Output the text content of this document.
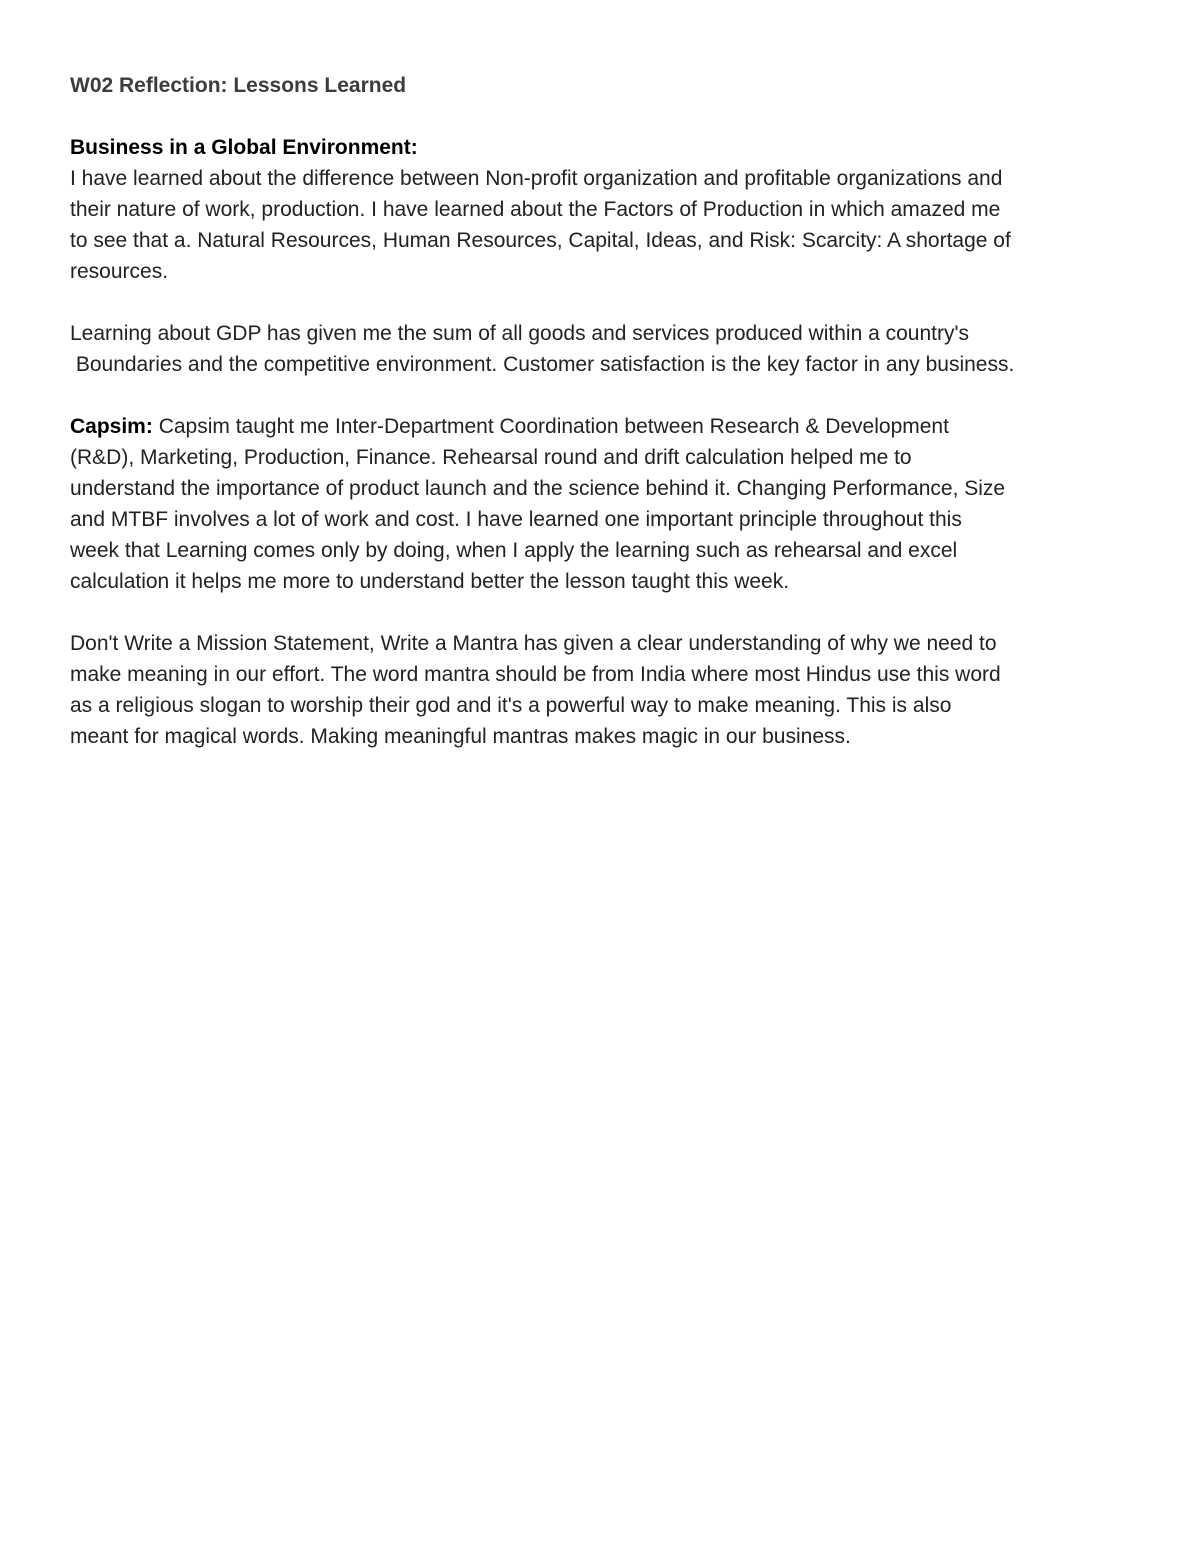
W02 Reflection: Lessons Learned
Business in a Global Environment:
I have learned about the difference between Non-profit organization and profitable organizations and
their nature of work, production. I have learned about the Factors of Production in which amazed me
to see that a. Natural Resources, Human Resources, Capital, Ideas, and Risk: Scarcity: A shortage of
resources.
Learning about GDP has given me the sum of all goods and services produced within a country's
Boundaries and the competitive environment. Customer satisfaction is the key factor in any business.
Capsim: Capsim taught me Inter-Department Coordination between Research & Development
(R&D), Marketing, Production, Finance. Rehearsal round and drift calculation helped me to
understand the importance of product launch and the science behind it. Changing Performance, Size
and MTBF involves a lot of work and cost. I have learned one important principle throughout this
week that Learning comes only by doing, when I apply the learning such as rehearsal and excel
calculation it helps me more to understand better the lesson taught this week.
Don't Write a Mission Statement, Write a Mantra has given a clear understanding of why we need to
make meaning in our effort. The word mantra should be from India where most Hindus use this word
as a religious slogan to worship their god and it's a powerful way to make meaning. This is also
meant for magical words. Making meaningful mantras makes magic in our business.
